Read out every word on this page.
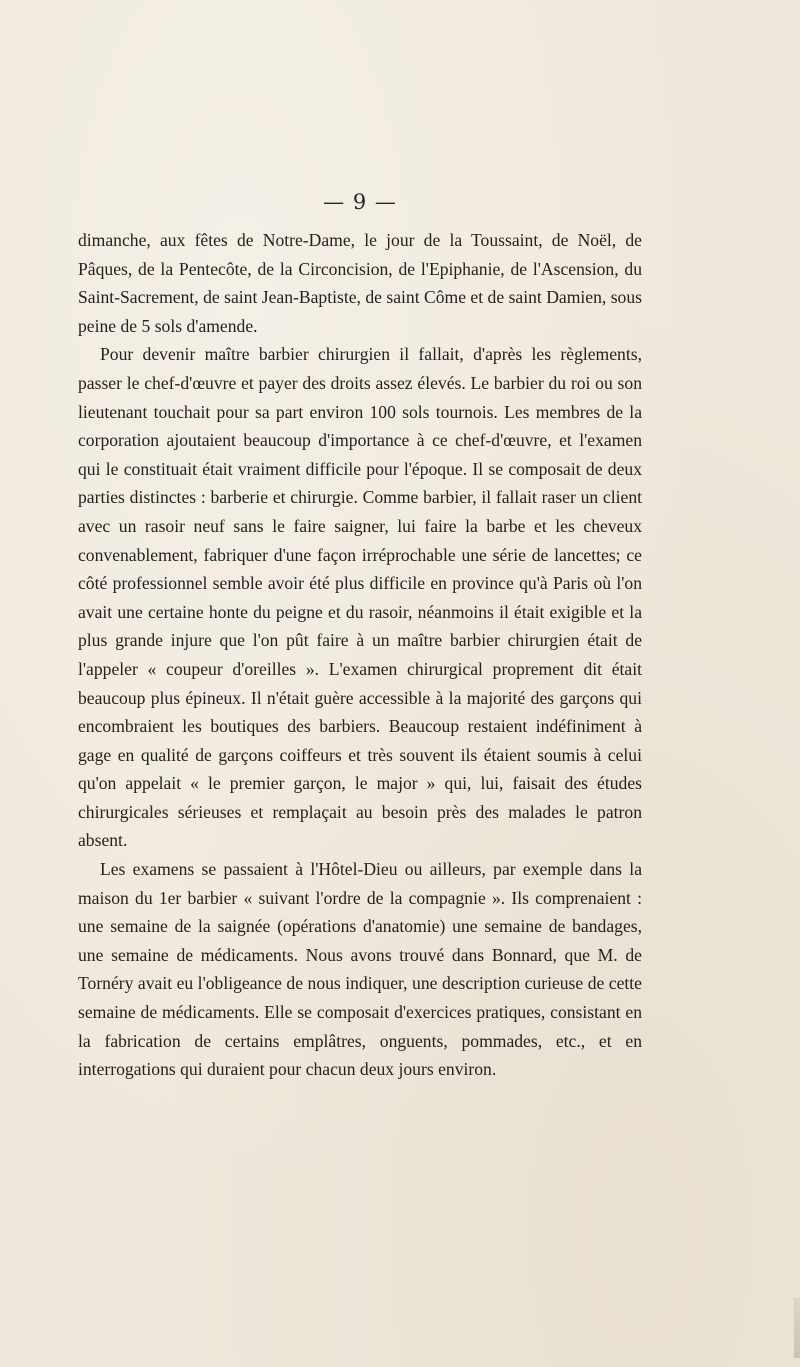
— 9 —

dimanche, aux fêtes de Notre-Dame, le jour de la Toussaint, de Noël, de Pâques, de la Pentecôte, de la Circoncision, de l'Epiphanie, de l'Ascension, du Saint-Sacrement, de saint Jean-Baptiste, de saint Côme et de saint Damien, sous peine de 5 sols d'amende.

Pour devenir maître barbier chirurgien il fallait, d'après les règlements, passer le chef-d'œuvre et payer des droits assez élevés. Le barbier du roi ou son lieutenant touchait pour sa part environ 100 sols tournois. Les membres de la corporation ajoutaient beaucoup d'importance à ce chef-d'œuvre, et l'examen qui le constituait était vraiment difficile pour l'époque. Il se composait de deux parties distinctes : barberie et chirurgie. Comme barbier, il fallait raser un client avec un rasoir neuf sans le faire saigner, lui faire la barbe et les cheveux convenablement, fabriquer d'une façon irréprochable une série de lancettes; ce côté professionnel semble avoir été plus difficile en province qu'à Paris où l'on avait une certaine honte du peigne et du rasoir, néanmoins il était exigible et la plus grande injure que l'on pût faire à un maître barbier chirurgien était de l'appeler « coupeur d'oreilles ». L'examen chirurgical proprement dit était beaucoup plus épineux. Il n'était guère accessible à la majorité des garçons qui encombraient les boutiques des barbiers. Beaucoup restaient indéfiniment à gage en qualité de garçons coiffeurs et très souvent ils étaient soumis à celui qu'on appelait « le premier garçon, le major » qui, lui, faisait des études chirurgicales sérieuses et remplaçait au besoin près des malades le patron absent.

Les examens se passaient à l'Hôtel-Dieu ou ailleurs, par exemple dans la maison du 1er barbier « suivant l'ordre de la compagnie ». Ils comprenaient : une semaine de la saignée (opérations d'anatomie) une semaine de bandages, une semaine de médicaments. Nous avons trouvé dans Bonnard, que M. de Tornéry avait eu l'obligeance de nous indiquer, une description curieuse de cette semaine de médicaments. Elle se composait d'exercices pratiques, consistant en la fabrication de certains emplâtres, onguents, pommades, etc., et en interrogations qui duraient pour chacun deux jours environ.
